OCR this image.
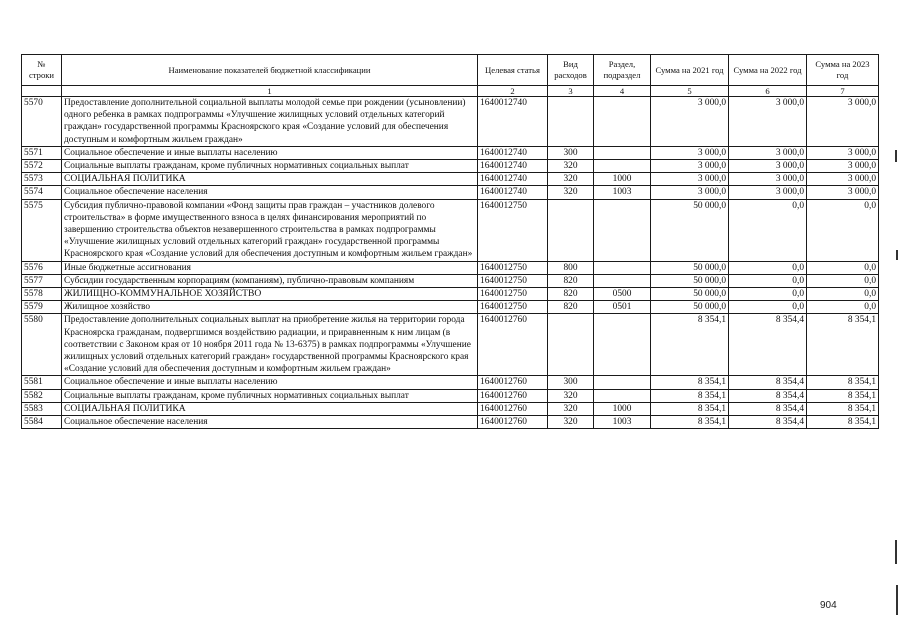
№ строки	Наименование показателей бюджетной классификации	Целевая статья	Вид расходов	Раздел, подраздел	Сумма на 2021 год	Сумма на 2022 год	Сумма на 2023 год
	1	2	3	4	5	6	7
5570	Предоставление дополнительной социальной выплаты молодой семье при рождении (усыновлении) одного ребенка в рамках подпрограммы «Улучшение жилищных условий отдельных категорий граждан» государственной программы Красноярского края «Создание условий для обеспечения доступным и комфортным жильем граждан»	1640012740			3 000,0	3 000,0	3 000,0
5571	Социальное обеспечение и иные выплаты населению	1640012740	300		3 000,0	3 000,0	3 000,0
5572	Социальные выплаты гражданам, кроме публичных нормативных социальных выплат	1640012740	320		3 000,0	3 000,0	3 000,0
5573	СОЦИАЛЬНАЯ ПОЛИТИКА	1640012740	320	1000	3 000,0	3 000,0	3 000,0
5574	Социальное обеспечение населения	1640012740	320	1003	3 000,0	3 000,0	3 000,0
5575	Субсидия публично-правовой компании «Фонд защиты прав граждан – участников долевого строительства» в форме имущественного взноса в целях финансирования мероприятий по завершению строительства объектов незавершенного строительства в рамках подпрограммы «Улучшение жилищных условий отдельных категорий граждан» государственной программы Красноярского края «Создание условий для обеспечения доступным и комфортным жильем граждан»	1640012750			50 000,0	0,0	0,0
5576	Иные бюджетные ассигнования	1640012750	800		50 000,0	0,0	0,0
5577	Субсидии государственным корпорациям (компаниям), публично-правовым компаниям	1640012750	820		50 000,0	0,0	0,0
5578	ЖИЛИЩНО-КОММУНАЛЬНОЕ ХОЗЯЙСТВО	1640012750	820	0500	50 000,0	0,0	0,0
5579	Жилищное хозяйство	1640012750	820	0501	50 000,0	0,0	0,0
5580	Предоставление дополнительных социальных выплат на приобретение жилья на территории города Красноярска гражданам, подвергшимся воздействию радиации, и приравненным к ним лицам (в соответствии с Законом края от 10 ноября 2011 года № 13-6375) в рамках подпрограммы «Улучшение жилищных условий отдельных категорий граждан» государственной программы Красноярского края «Создание условий для обеспечения доступным и комфортным жильем граждан»	1640012760			8 354,1	8 354,4	8 354,1
5581	Социальное обеспечение и иные выплаты населению	1640012760	300		8 354,1	8 354,4	8 354,1
5582	Социальные выплаты гражданам, кроме публичных нормативных социальных выплат	1640012760	320		8 354,1	8 354,4	8 354,1
5583	СОЦИАЛЬНАЯ ПОЛИТИКА	1640012760	320	1000	8 354,1	8 354,4	8 354,1
5584	Социальное обеспечение населения	1640012760	320	1003	8 354,1	8 354,4	8 354,1
904
